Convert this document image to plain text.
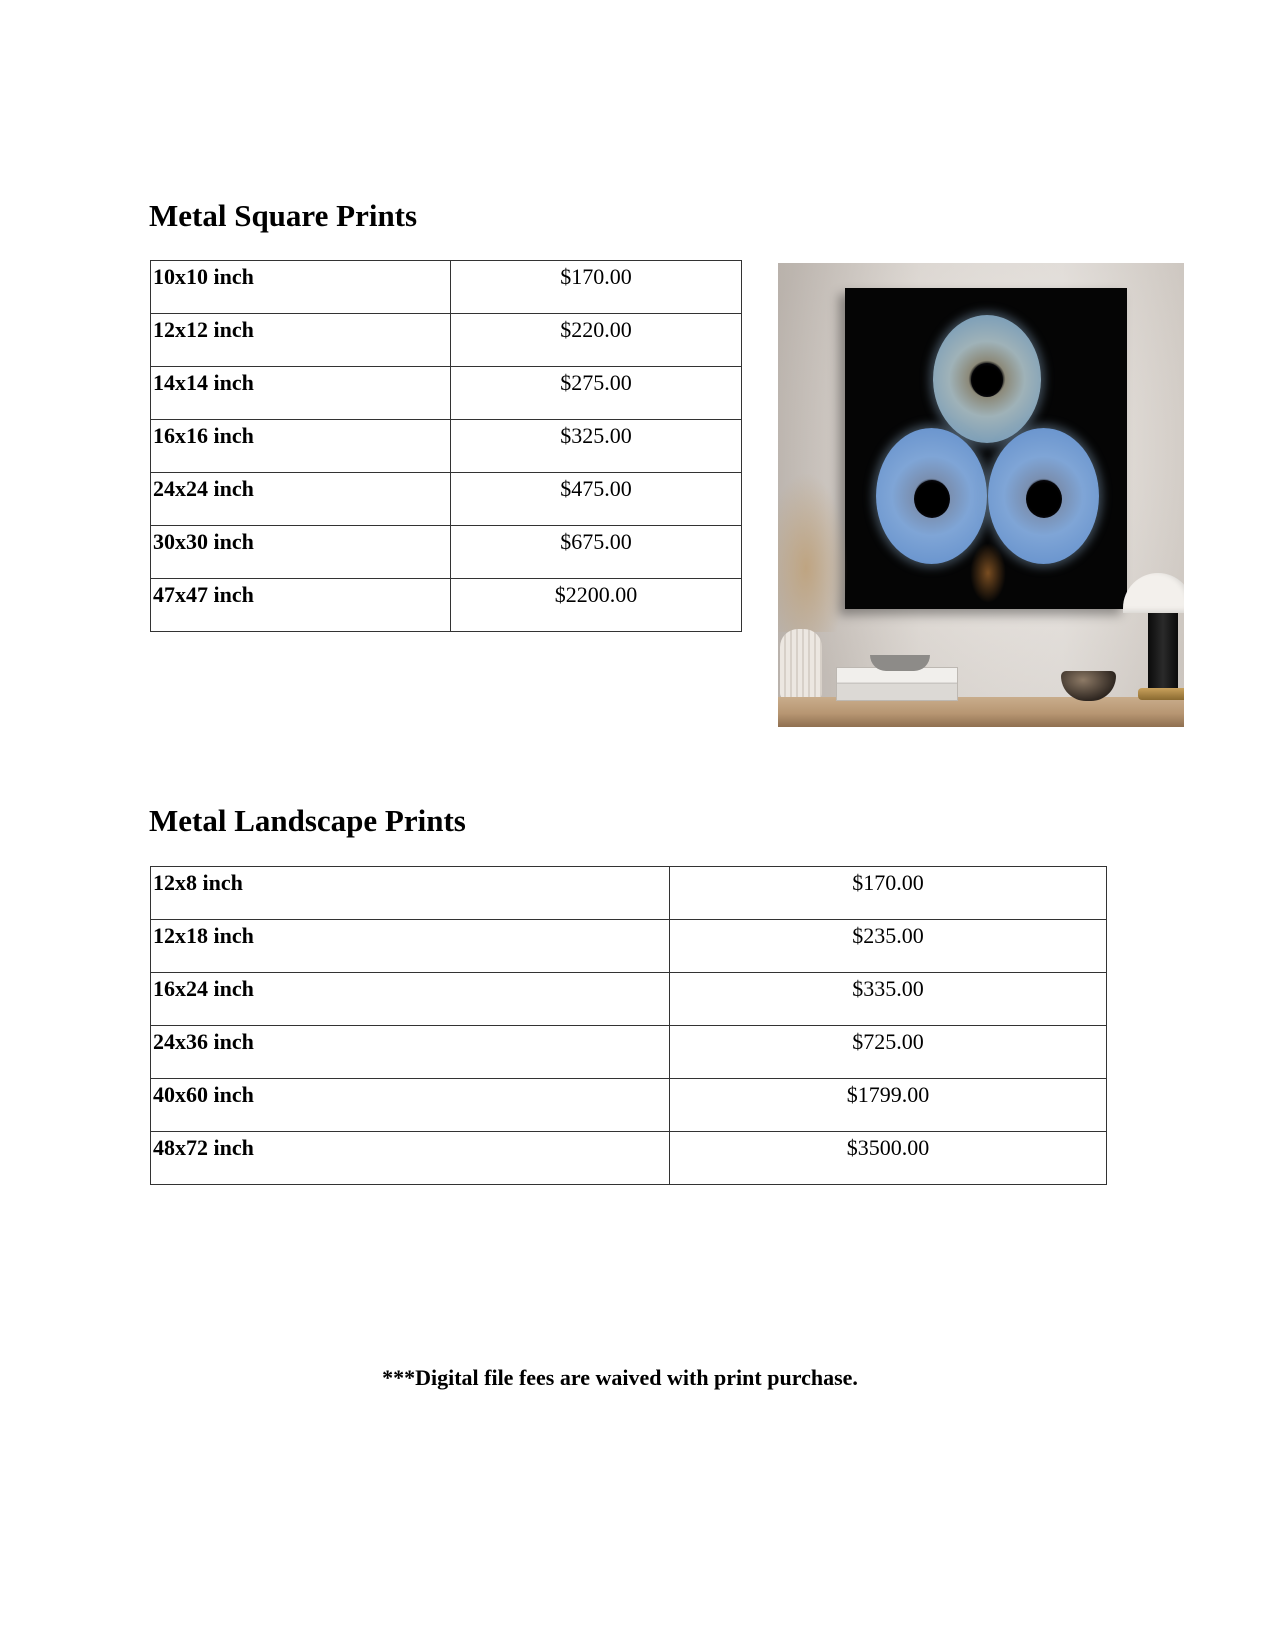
Metal Square Prints
10x10 inch	$170.00
12x12 inch	$220.00
14x14 inch	$275.00
16x16 inch	$325.00
24x24 inch	$475.00
30x30 inch	$675.00
47x47 inch	$2200.00
Metal Landscape Prints
12x8 inch	$170.00
12x18 inch	$235.00
16x24 inch	$335.00
24x36 inch	$725.00
40x60 inch	$1799.00
48x72 inch	$3500.00

***Digital file fees are waived with print purchase.
